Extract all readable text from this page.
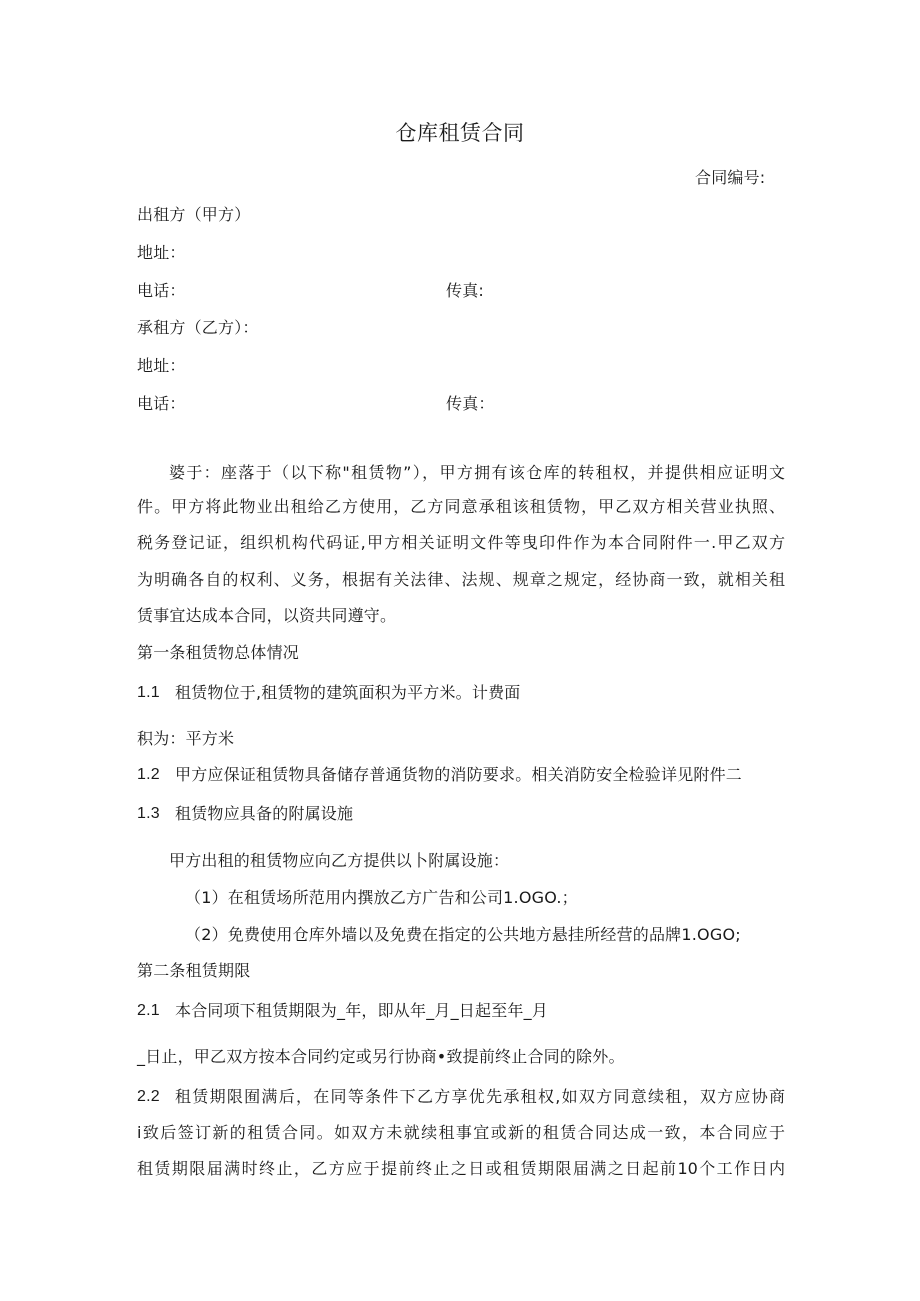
仓库租赁合同
合同编号:
出租方（甲方）
地址：
电话：	传真:
承租方（乙方）：
地址：
电话：	传真：
婆于：座落于（以下称"租赁物”），甲方拥有该仓库的转租权，并提供相应证明文
件。甲方将此物业出租给乙方使用，乙方同意承租该租赁物，甲乙双方相关营业执照、
税务登记证，组织机构代码证,甲方相关证明文件等曳印件作为本合同附件一.甲乙双方
为明确各自的权利、义务，根据有关法律、法规、规章之规定，经协商一致，就相关租
赁事宜达成本合同，以资共同遵守。
第一条租赁物总体情况
1.1 租赁物位于,租赁物的建筑面积为平方米。计费面
积为：平方米
1.2 甲方应保证租赁物具备储存普通货物的消防要求。相关消防安全检验详见附件二
1.3 租赁物应具备的附属设施
甲方出租的租赁物应向乙方提供以卜附属设施：
（1）在租赁场所范用内撰放乙方广告和公司1.OGO.；
（2）免费使用仓库外墙以及免费在指定的公共地方悬挂所经营的品牌1.OGO;
第二条租赁期限
2.1 本合同项下租赁期限为_年，即从年_月_日起至年_月
_日止，甲乙双方按本合同约定或另行协商•致提前终止合同的除外。
2.2 租赁期限囿满后，在同等条件下乙方享优先承租权,如双方同意续租，双方应协商
i致后签订新的租赁合同。如双方未就续租事宜或新的租赁合同达成一致，本合同应于
租赁期限届满时终止，乙方应于提前终止之日或租赁期限届满之日起前10个工作日内
